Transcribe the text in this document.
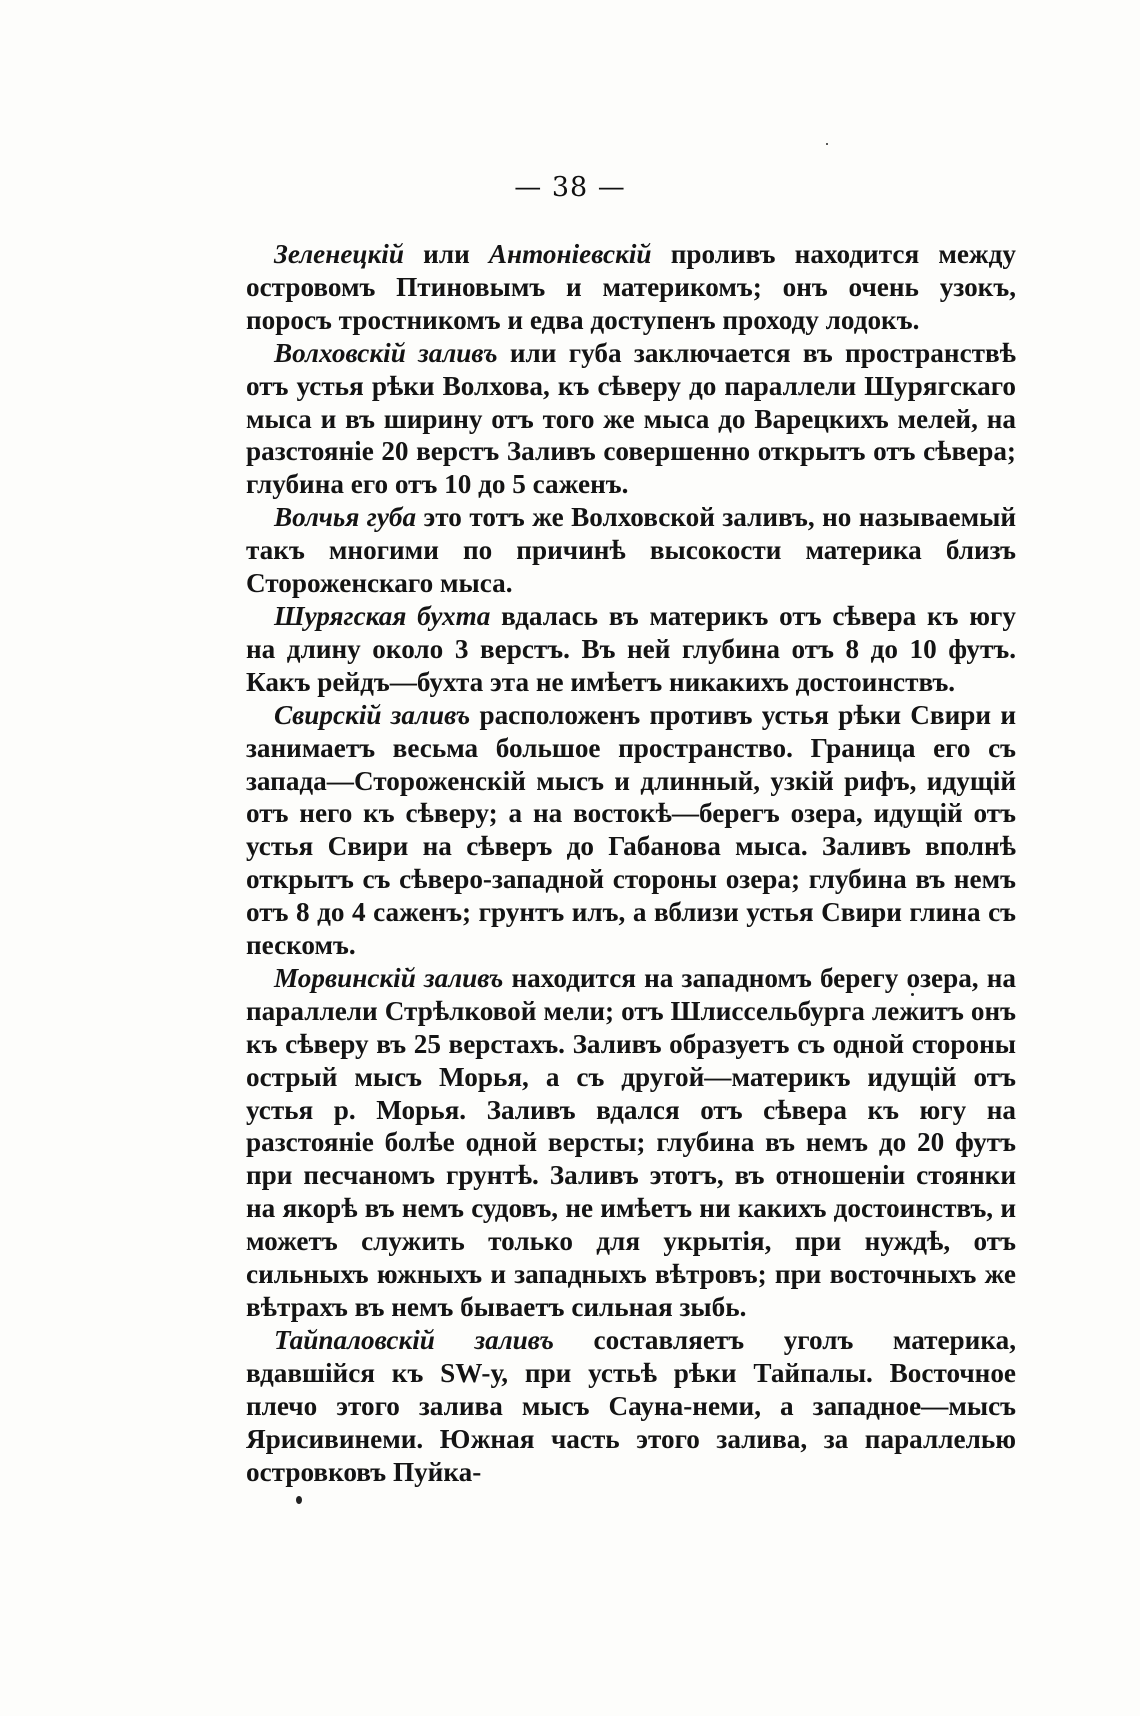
— 38 —

Зеленецкій или Антоніевскій проливъ находится между островомъ Птиновымъ и материкомъ; онъ очень узокъ, поросъ тростникомъ и едва доступенъ проходу лодокъ.

Волховскій заливъ или губа заключается въ пространствѣ отъ устья рѣки Волхова, къ сѣверу до параллели Шурягскаго мыса и въ ширину отъ того же мыса до Варецкихъ мелей, на разстояніе 20 верстъ Заливъ совершенно открытъ отъ сѣвера; глубина его отъ 10 до 5 саженъ.

Волчья губа это тотъ же Волховской заливъ, но называемый такъ многими по причинѣ высокости материка близъ Стороженскаго мыса.

Шурягская бухта вдалась въ материкъ отъ сѣвера къ югу на длину около 3 верстъ. Въ ней глубина отъ 8 до 10 футъ. Какъ рейдъ—бухта эта не имѣетъ никакихъ достоинствъ.

Свирскій заливъ расположенъ противъ устья рѣки Свири и занимаетъ весьма большое пространство. Граница его съ запада—Стороженскій мысъ и длинный, узкій рифъ, идущій отъ него къ сѣверу; а на востокѣ—берегъ озера, идущій отъ устья Свири на сѣверъ до Габанова мыса. Заливъ вполнѣ открытъ съ сѣверо-западной стороны озера; глубина въ немъ отъ 8 до 4 саженъ; грунтъ илъ, а вблизи устья Свири глина съ пескомъ.

Морвинскій заливъ находится на западномъ берегу озера, на параллели Стрѣлковой мели; отъ Шлиссельбурга лежитъ онъ къ сѣверу въ 25 верстахъ. Заливъ образуетъ съ одной стороны острый мысъ Морья, а съ другой—материкъ идущій отъ устья р. Морья. Заливъ вдался отъ сѣвера къ югу на разстояніе болѣе одной версты; глубина въ немъ до 20 футъ при песчаномъ грунтѣ. Заливъ этотъ, въ отношеніи стоянки на якорѣ въ немъ судовъ, не имѣетъ ни какихъ достоинствъ, и можетъ служить только для укрытія, при нуждѣ, отъ сильныхъ южныхъ и западныхъ вѣтровъ; при восточныхъ же вѣтрахъ въ немъ бываетъ сильная зыбь.

Тайпаловскій заливъ составляетъ уголъ материка, вдавшійся къ SW-у, при устьѣ рѣки Тайпалы. Восточное плечо этого залива мысъ Сауна-неми, а западное—мысъ Ярисивинеми. Южная часть этого залива, за параллелью островковъ Пуйка-
